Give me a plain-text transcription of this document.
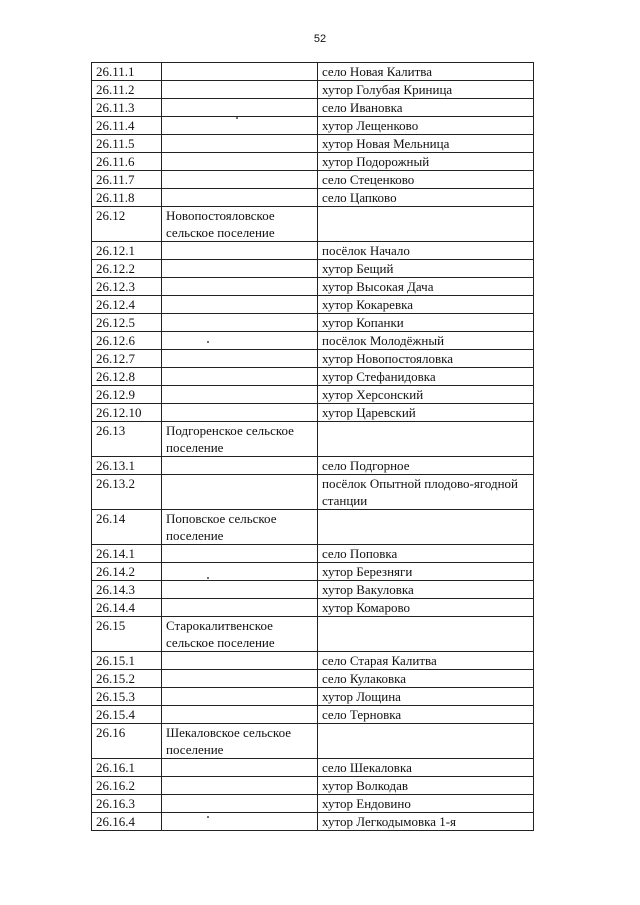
52
26.11.1		село Новая Калитва
26.11.2		хутор Голубая Криница
26.11.3		село Ивановка
26.11.4		хутор Лещенково
26.11.5		хутор Новая Мельница
26.11.6		хутор Подорожный
26.11.7		село Стеценково
26.11.8		село Цапково
26.12	Новопостояловское сельское поселение	
26.12.1		посёлок Начало
26.12.2		хутор Бещий
26.12.3		хутор Высокая Дача
26.12.4		хутор Кокаревка
26.12.5		хутор Копанки
26.12.6		посёлок Молодёжный
26.12.7		хутор Новопостояловка
26.12.8		хутор Стефанидовка
26.12.9		хутор Херсонский
26.12.10		хутор Царевский
26.13	Подгоренское сельское поселение	
26.13.1		село Подгорное
26.13.2		посёлок Опытной плодово-ягодной станции
26.14	Поповское сельское поселение	
26.14.1		село Поповка
26.14.2		хутор Березняги
26.14.3		хутор Вакуловка
26.14.4		хутор Комарово
26.15	Старокалитвенское сельское поселение	
26.15.1		село Старая Калитва
26.15.2		село Кулаковка
26.15.3		хутор Лощина
26.15.4		село Терновка
26.16	Шекаловское сельское поселение	
26.16.1		село Шекаловка
26.16.2		хутор Волкодав
26.16.3		хутор Ендовино
26.16.4		хутор Легкодымовка 1-я
